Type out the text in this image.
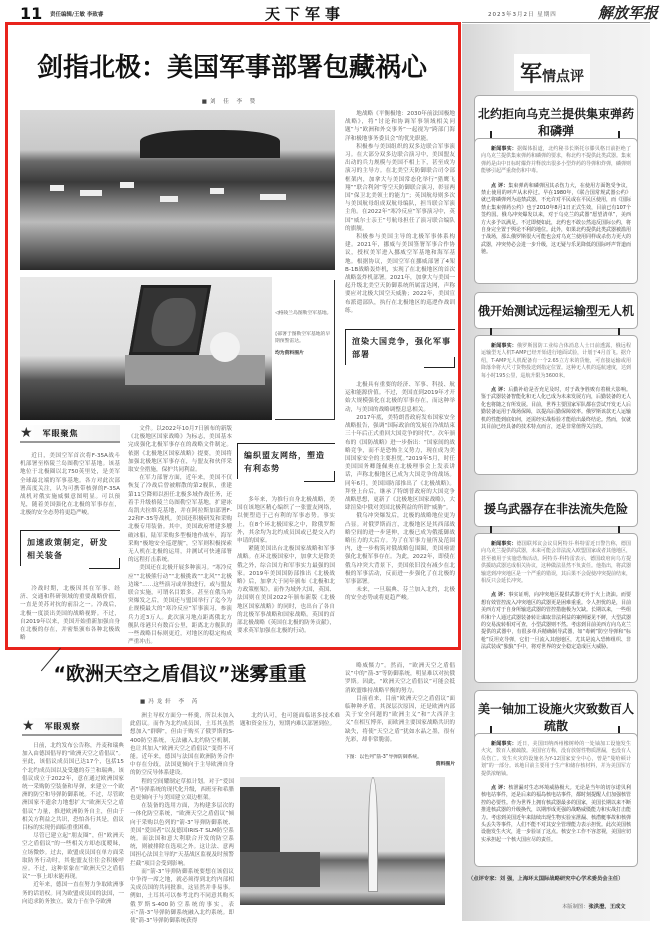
11 责任编辑/王敏 李致睿	天下军事	2023年3月2日 星期四	解放军报
剑指北极：美国军事部署包藏祸心
■刘 佳 李 赞

◁格陵兰岛图勒空军基地。

◊部署于图勒空军基地的早期预警雷达。

均为资料图片

★ 军眼聚焦

近日，美国空军首次将F-35A战斗机部署至格陵兰岛图勒空军基地。该基地位于北极圈以北750英里处，是美军全球最北端的军事基地。各方对此次部署高度关注，认为可携带核弹的F-35A战机对俄实施威慑意图明显。可以预见，随着美国强化在北极的军事存在，北极的安全态势将更趋严峻。

加速政策制定，研发相关装备

冷战时期，北极因其在军事、经济、交通和科研领域的重要战略价值，一直是美苏对抗的前沿之一。冷战后，北极一度淡出美国的战略视野。不过，自2019年以来，美国开始重新加强自身在北极的存在，并密集颁布各种北极战略

文件。以2022年10月7日颁布的新版《北极地区国家战略》为标志，美国基本完成强化北极军事存在的战略文件制定。依据《北极地区国家战略》提要，美国将加强北极地区军事存在，与盟友和伙伴采取安全措施，保护共同利益。

在军力部署方面，近年来，美国不仅恢复了冷战后曾被解散的第2舰队，重建第11空降师以担任北极多域作战任务，还着手升级格陵兰岛图勒空军基地，扩建冰岛凯夫拉维克基地，并在阿拉斯加部署F-22和F-35等战机。美国还积极研发和采购北极专用装备。其中，美国政府增建多艘破冰船，陆军采购多型极地作战车，海军采购“极地安全巡逻舰”，空军则积极探索无人机在北极的运用，并测试可快速部署的远程打击系统。

美国还在北极开展多种演习。“寒冷反应”“北极熊行动”“北极挑战”“北风”“北极边缘”……这些演习或单独进行，或与盟友联合实施，可谓名目繁多。甚至在俄乌冲突爆发之后，美国还与盟国举行了迄今为止规模最大的“寒冷反应”军事演习，参演兵力近3万人。此次演习地点距离俄北方舰队母港只有数百公里，距离北方舰队的一些战略目标则更近，对地区的稳定构成严重冲击。

编织盟友网络，塑造有利态势

多年来，为推行自身北极战略，美国在该地区精心编织了一张盟友网络，以便塑造于己有利的军事态势。事实上，在8个环北极国家之中，除俄罗斯外，其余均为北约成员国或已提交入约申请的国家。

紧随美国出台北极国家战略和军事战略。在环北极国家中，加拿大是除美俄之外，综合国力和军事实力最强的国家。2019年美国国防部推出《北极战略》后，加拿大于同年颁布《北极和北方政策框架》。而作为域外大国，英国、法国则在美国2022年颁布新版《北极地区国家战略》的同时，也出台了各自的北极军事战略和国家战略。英国的首部北极战略《英国在北极的防务贡献》，要求英军加强在北极的行动。

地战略《平衡极地：2030年前法国极地战略》，将“讨论和协调军事领域相关问题”与“欧洲和外交事务”一起视为“跨部门海洋和极地事务委员会”的优先职能。

积极参与美国组织的双多边联合军事演习。在大部分双多边联合演习中，美国盟友出动的兵力规模与美国不相上下，甚至成为演习的主导方。在北美空天防御联合司令部框架内，加拿大与美国常态化举行“猎鹰飞翔”“联合利剑”等空天防御联合演习，彰显两国“保卫北美领土的能力”；英国航母则多次与美国航母组成双航母编队，担当联合军演主角。在2022年“寒冷反应”军事演习中，英国“威尔士亲王”号航母担任了演习联合编队的旗舰。

积极参与美国主导的北极军事体系构建。2021年，挪威与美国签署军事合作协议，授权美军进入挪威空军基地和海军基地。根据协议，美国空军在挪威部署了4架B-1B战略轰炸机，实现了在北极地区的首次战略轰炸机部署。2021年，加拿大与美国一起升级北美空天防御系统所属雷达网，声称要应对北极大国空天威胁；2022年，美国宣布派遣部队，执行在北极地区的巡逻作战训练。

渲染大国竞争，强化军事部署

北极具有重要的经济、军事、科技、航运和能源价值。不过，美国直到2019年才开始大规模强化在北极的军事存在，而这种举动，与美国的战略调整息息相关。

2017年底，美特朗普政府发布国家安全战略报告，强调“国际政治的发展在冷战结束三十年后正式重回大国竞争的时代”。次年颁布的《国防战略》进一步指出：“国家间的战略竞争，而不是恐怖主义势力，现在成为美国国家安全的主要担忧。”2019年5月，时任美国国务卿蓬佩奥在北极理事会上发表讲话，声称北极地区已成为大国竞争的战场。同年6月，美国国防部推出了《北极战略》。拜登上台后，继承了特朗普政府的大国竞争战略思想，更新了《北极地区国家战略》，大肆渲染中俄对美国北极利益的所谓“威胁”。

俄乌冲突爆发后，北极的战略地位更为凸显。对俄罗斯而言，北极地区是其西部战略空间的进一步延伸，北极已成为俄抵御战略压力的大后方。为了在军事力量所及范围内，进一步构筑对俄战略包围圈，美国亟需强化北极军事存在。为此，2022年，即使在俄乌冲突大背景下，美国依旧没有减少在北极的军事活动，反而进一步强化了在北极的军事部署。

未来，一旦瑞典、芬兰加入北约，北极的安全态势或将更趋严峻。

“欧洲天空之盾倡议”迷雾重重
■冯龙轩 李 芮
★ 军眼观察

日前，北约发布公告称，丹麦和瑞典加入由德国倡导的“欧洲天空之盾倡议”。至此，该倡议成员国已达17个，包括15个北约成员国以及受邀的芬兰和瑞典。该倡议成立于2022年，意在通过欧洲国家统一采购防空装备和导弹，来建立一个欧洲的防空和导弹防御系统。不过，尽管欧洲国家不遗余力地想扩大“欧洲天空之盾倡议”力量，推进欧洲防务自主，但由于相关方利益之共识，恐怕各行其是，倡议目标的实现仍面临重重困难。

尽管已建立起“朋友圈”，但“欧洲天空之盾倡议”的一些相关方却态度暧昧，立场微妙。过去，欧盟成员国在单方面采取防务行动时，其他盟友往往会积极呼应。不过，这种景象在“欧洲天空之盾倡议”一事上却未能再现。

近年来，德国一直在努力争取欧洲事务的话语权。同为欧盟成员国的法国，一向追求防务独立，致力于在争夺欧洲

洲主导权方面分一杯羹，所以未加入此倡议。而作为北约成员国，土耳其虽然想加入“群聊”，但由于购买了俄罗斯的S-400防空系统，无法融入北约防空机制，也让其加入“欧洲天空之盾倡议”变得不可能。近年来，德国与法国在欧洲防务合作中存在分歧，法国更倾向于主导欧洲自身的防空反导体系建设。

程的空间耀制定草拟计划。对于“爱国者”导弹系统的现代化升级，西班牙和希腊也更倾向于与美国建立双边框架。

在装备的选用方面，为构建多层次的一体化防空系统，“欧洲天空之盾倡议”倾向于采购以色列的“箭-3”导弹防御系统、美国“爱国者”以及德国IRIS-T SLM防空系统。而法国和意大利联合开发的防空系统，则被排除在选项之外。这让法、意两国担心法国主导的“天基战区监视及时预警拦截”项目会受到影响。

而“箭-3”导弹防御系统要想在该倡议中争得一席之地，就必须得到北约内部相关成员国的共同批准，这显然并非易事。例如，土耳其可以参考北约不同意其购买俄罗斯S-400防空系统的事实，表示“箭-3”导弹防御系统融入北约系统。即使“箭-3”导弹防御系统获得

北约认可，也可能面临诸多技术难题和资金压力，短期内难以部署到位。

略威慑力”。然而，“欧洲天空之盾倡议”中的“箭-3”等防御系统，明显难以对抗俄罗斯。因此，“欧洲天空之盾倡议”可能会抵消欧盟维持战略平衡的努力。

目前看来，目前“欧洲天空之盾倡议”面临种种矛盾，其深层次原因，还是欧洲内部关于安全问题的“欧洲主义”和“大西洋主义”在相互博弈，而欧洲主要国家战略共识的缺失，将使“天空之盾”犹如水晶之墨，很有光彩，却非常脆弱。

下图：以色列“箭-3”导弹防御系统。
资料图片
军 情点评
北约拒向乌克兰提供集束弹药和磷弹

新闻事实：据媒体报道，北约秘书长斯托尔滕贝格日前拒绝了向乌克兰提供集束弹药和磷弹的要求，称北约不提供此类武器。集束弹药是由中日标时爆炸并释放出很多小型炸药的导弹和炸弹，磷弹则能够引起严重烧伤和中毒。

点 评：集束弹药和磷弹因其杀伤力大，在使用方面饱受争议，禁止使用的呼声从未停过。早在1980年，《联合国常规武器公约》就已将磷弹列为违禁武器，不允许对平民或在平民区使用，而《国际禁止集束弹药公约》也于2010年8月1日正式生效，目前已有107个签约国。俄乌冲突爆发以来，对于乌克兰的武器“愿望清单”，美西方大多予以满足。不过即便如此，北约也不敢公然违反国际公约，将自身完全置于舆论不利的地位。此外，如果北约提供此类武器被滥用于战场，那么俄罗斯很大可能也会对乌克兰使用同样或杀伤力更大的武器，冲突势必会进一步升级，这无疑与乐见降低的国际呼声背道而驰。

俄开始测试远程运输型无人机

新闻事实：俄罗斯国防工业综合体消息人士日前透露，俄远程运输型无人机T-AMP已经开始进行地面试验，计划于4月首飞。据介绍，T-AMP无人机配备有一个2.65立方米的货舱，可直接运输或用降落伞将大尺寸货物投送到指定位置。这种无人机的巡航速度，达到每小时195公里，巡航升限为3600米。

点 评：后勤补给是否充足及时，对于战争胜败有着极大影响。鉴于武器装备智能化和无人化已成为未来发展方向，后勤装备的无人化也将随之有所发展。目前，世界主要国家军队都在尝试开发无人后勤装备运用于战场保障，以提高后勤保障效率。俄罗斯该款无人运输机的性能到底如何，还需经实战检验才能给出最终结论。然而，仅就其目前已经具备的技术特点而言，还是非常值得关注的。

援乌武器存在非法流失危险

新闻事实：德国联邦议会议员阿特芬·科特雷近日警告称，德国向乌克兰提供的武器，未来可能会非法流入欧盟国家或者其他地区，甚至被用于实施恐怖活动。阿特芬·科特雷表示，德国政府向乌方提供援助武器达成相关协议，这种做法显然不负责任。他指出，将武器输送到冲突地区是一个严重的错误，其后果不会促使冲突提前结束，相反只会延长冲突。

点 评：事实证明，向冲突地区提供武器无异于火上浇油。而要想有效管控流入冲突地区的武器更是困难重重。令人担忧的是，目前美西方对于自身所输送武器的管控措施极为欠缺。长期以来，一些组织和个人通过武器装备转让谋取非法利益的案例屡见不鲜，大型武器的交易流转相对可查，小型武器则不然。考虑到目前美西方向乌克兰提供的武器中，有很多单兵精确制导武器，如“毒刺”防空导弹和“标枪”反坦克导弹，它们一旦流入其他地区，尤其是流入恐怖组织、非法武装或“独狼”手中，将对世界的安全稳定造成巨大威胁。

美一铀加工设施火灾致数百人疏散

新闻事实：近日，美国田纳西州橡树岭的一处铀加工设施发生火灾，数百人被疏散。美国官方称，没有放射性物质泄漏，也没有人员伤亡。发生火灾的设施名为Y-12国家安全中心，曾是“曼哈顿计划”的一部分。该地目前主要用于生产和储存核材料，并为美国军方提供浓缩铀。

点 评：核泄漏对生态环境威胁极大。无论是当年的切尔诺贝利核电站事件，还是后来的福岛核电站事件，都时刻提醒人们加强核管控的必要性。作为世界上拥有核武器最多的国家，美国长期以来不断推进核武器的升级换代，以期形成更强的战略威慑能力和实战打击能力。考虑到美国近年来陆续出现生物实验室泄漏、核潜艇事故和核弹头丢失等事件，人们不能不对其安全管理能力表示担忧。此次美国核设施发生火灾，进一步验证了这点。核安全工作不容忽视，美国应切实承担起一个核大国应尽的责任。

（点评专家：刘 强，上海环太国际战略研究中心学术委员会主任）
本版制图：张洪澄、王成文
